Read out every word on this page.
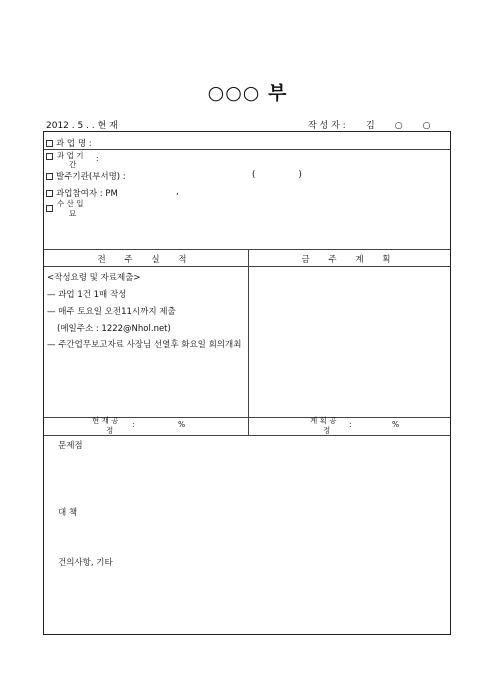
○○○ 부
2012 . 5 . . 현 재	작 성 자 : 김       ○       ○
과 업 명 :
과 업 기
간
:
발주기관(부서명) :	(                )
과업참여자 : PM	,
수 산 입
묘
전 주 실 적	금 주 계 획
<작성요령 및 자료제출>
— 과업 1건 1매 작성
— 매주 토요일 오전11시까지 제출
(메일주소 : 1222@Nhol.net)
— 주간업무보고자료 사장님 선열후 화요일 회의개최
현 재 공
정
:	%	계 획 공
정
:	%
문제점
대 책
건의사항, 기타
